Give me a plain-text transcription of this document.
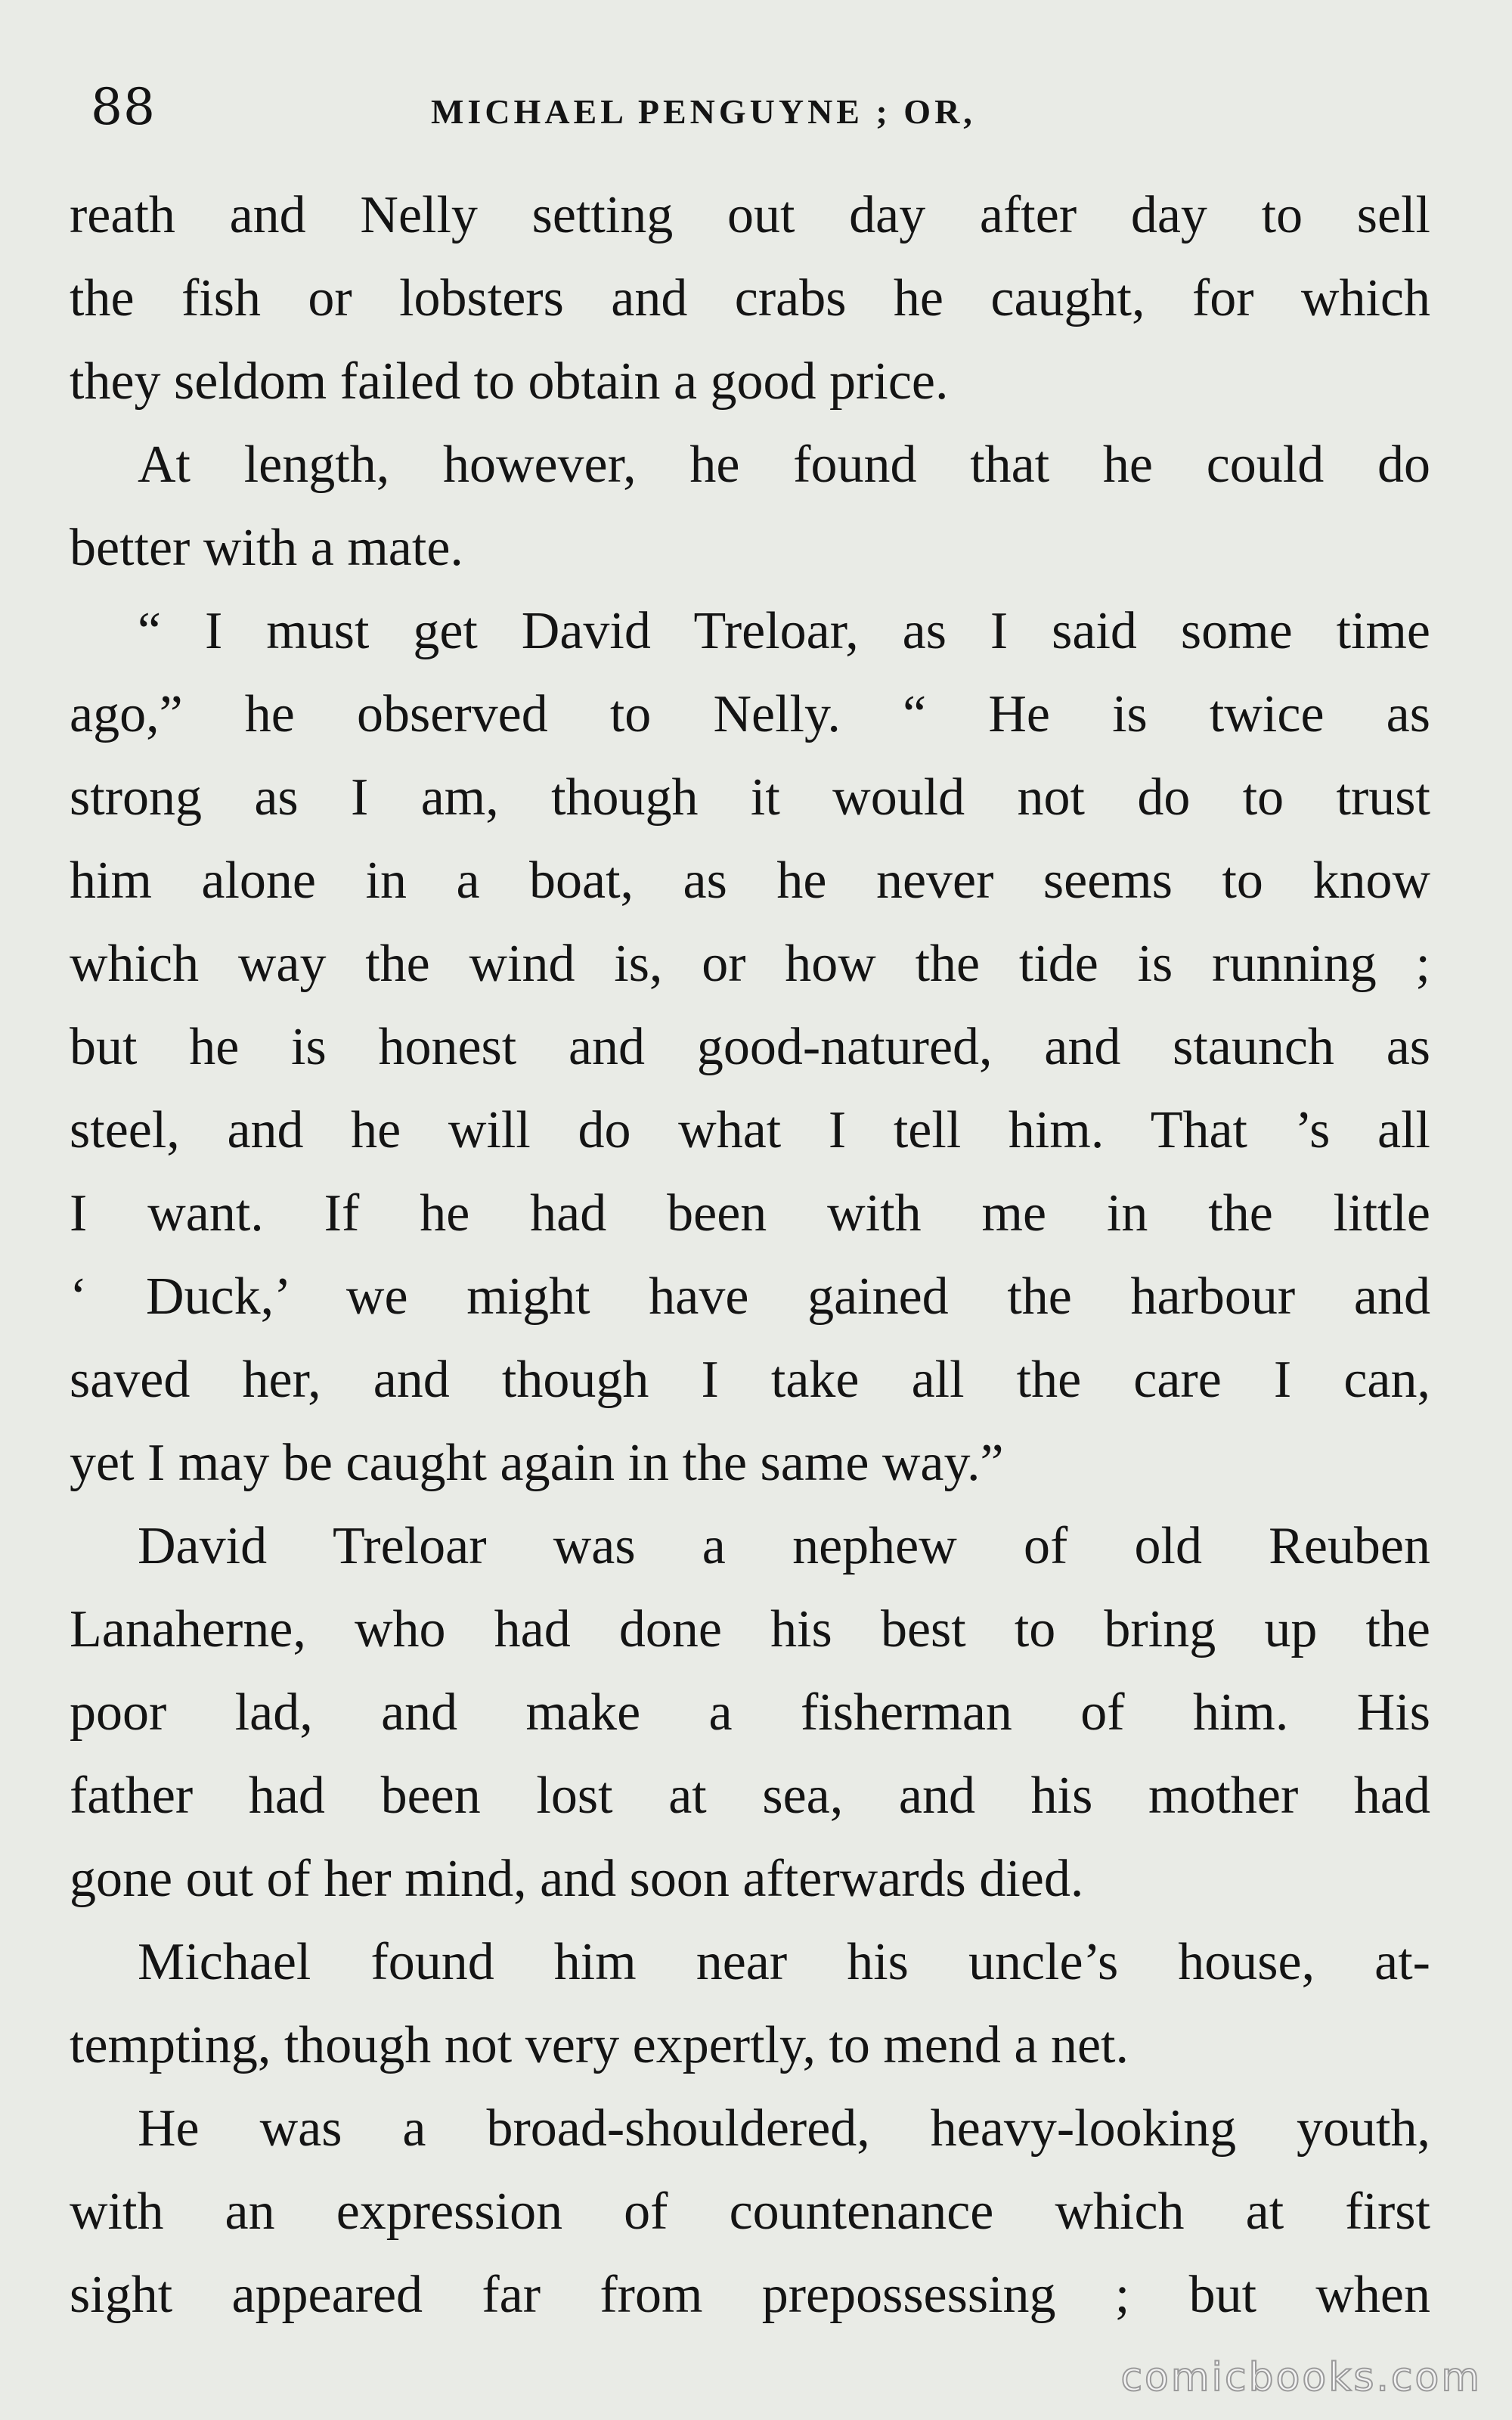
88	MICHAEL PENGUYNE ; OR,
reath and Nelly setting out day after day to sell
the fish or lobsters and crabs he caught, for which
they seldom failed to obtain a good price.
At length, however, he found that he could do
better with a mate.
“ I must get David Treloar, as I said some time
ago,” he observed to Nelly. “ He is twice as
strong as I am, though it would not do to trust
him alone in a boat, as he never seems to know
which way the wind is, or how the tide is running ;
but he is honest and good-natured, and staunch as
steel, and he will do what I tell him. That ’s all
I want. If he had been with me in the little
‘ Duck,’ we might have gained the harbour and
saved her, and though I take all the care I can,
yet I may be caught again in the same way.”
David Treloar was a nephew of old Reuben
Lanaherne, who had done his best to bring up the
poor lad, and make a fisherman of him. His
father had been lost at sea, and his mother had
gone out of her mind, and soon afterwards died.
Michael found him near his uncle’s house, at-
tempting, though not very expertly, to mend a net.
He was a broad-shouldered, heavy-looking youth,
with an expression of countenance which at first
sight appeared far from prepossessing ; but when
comicbooks.com
